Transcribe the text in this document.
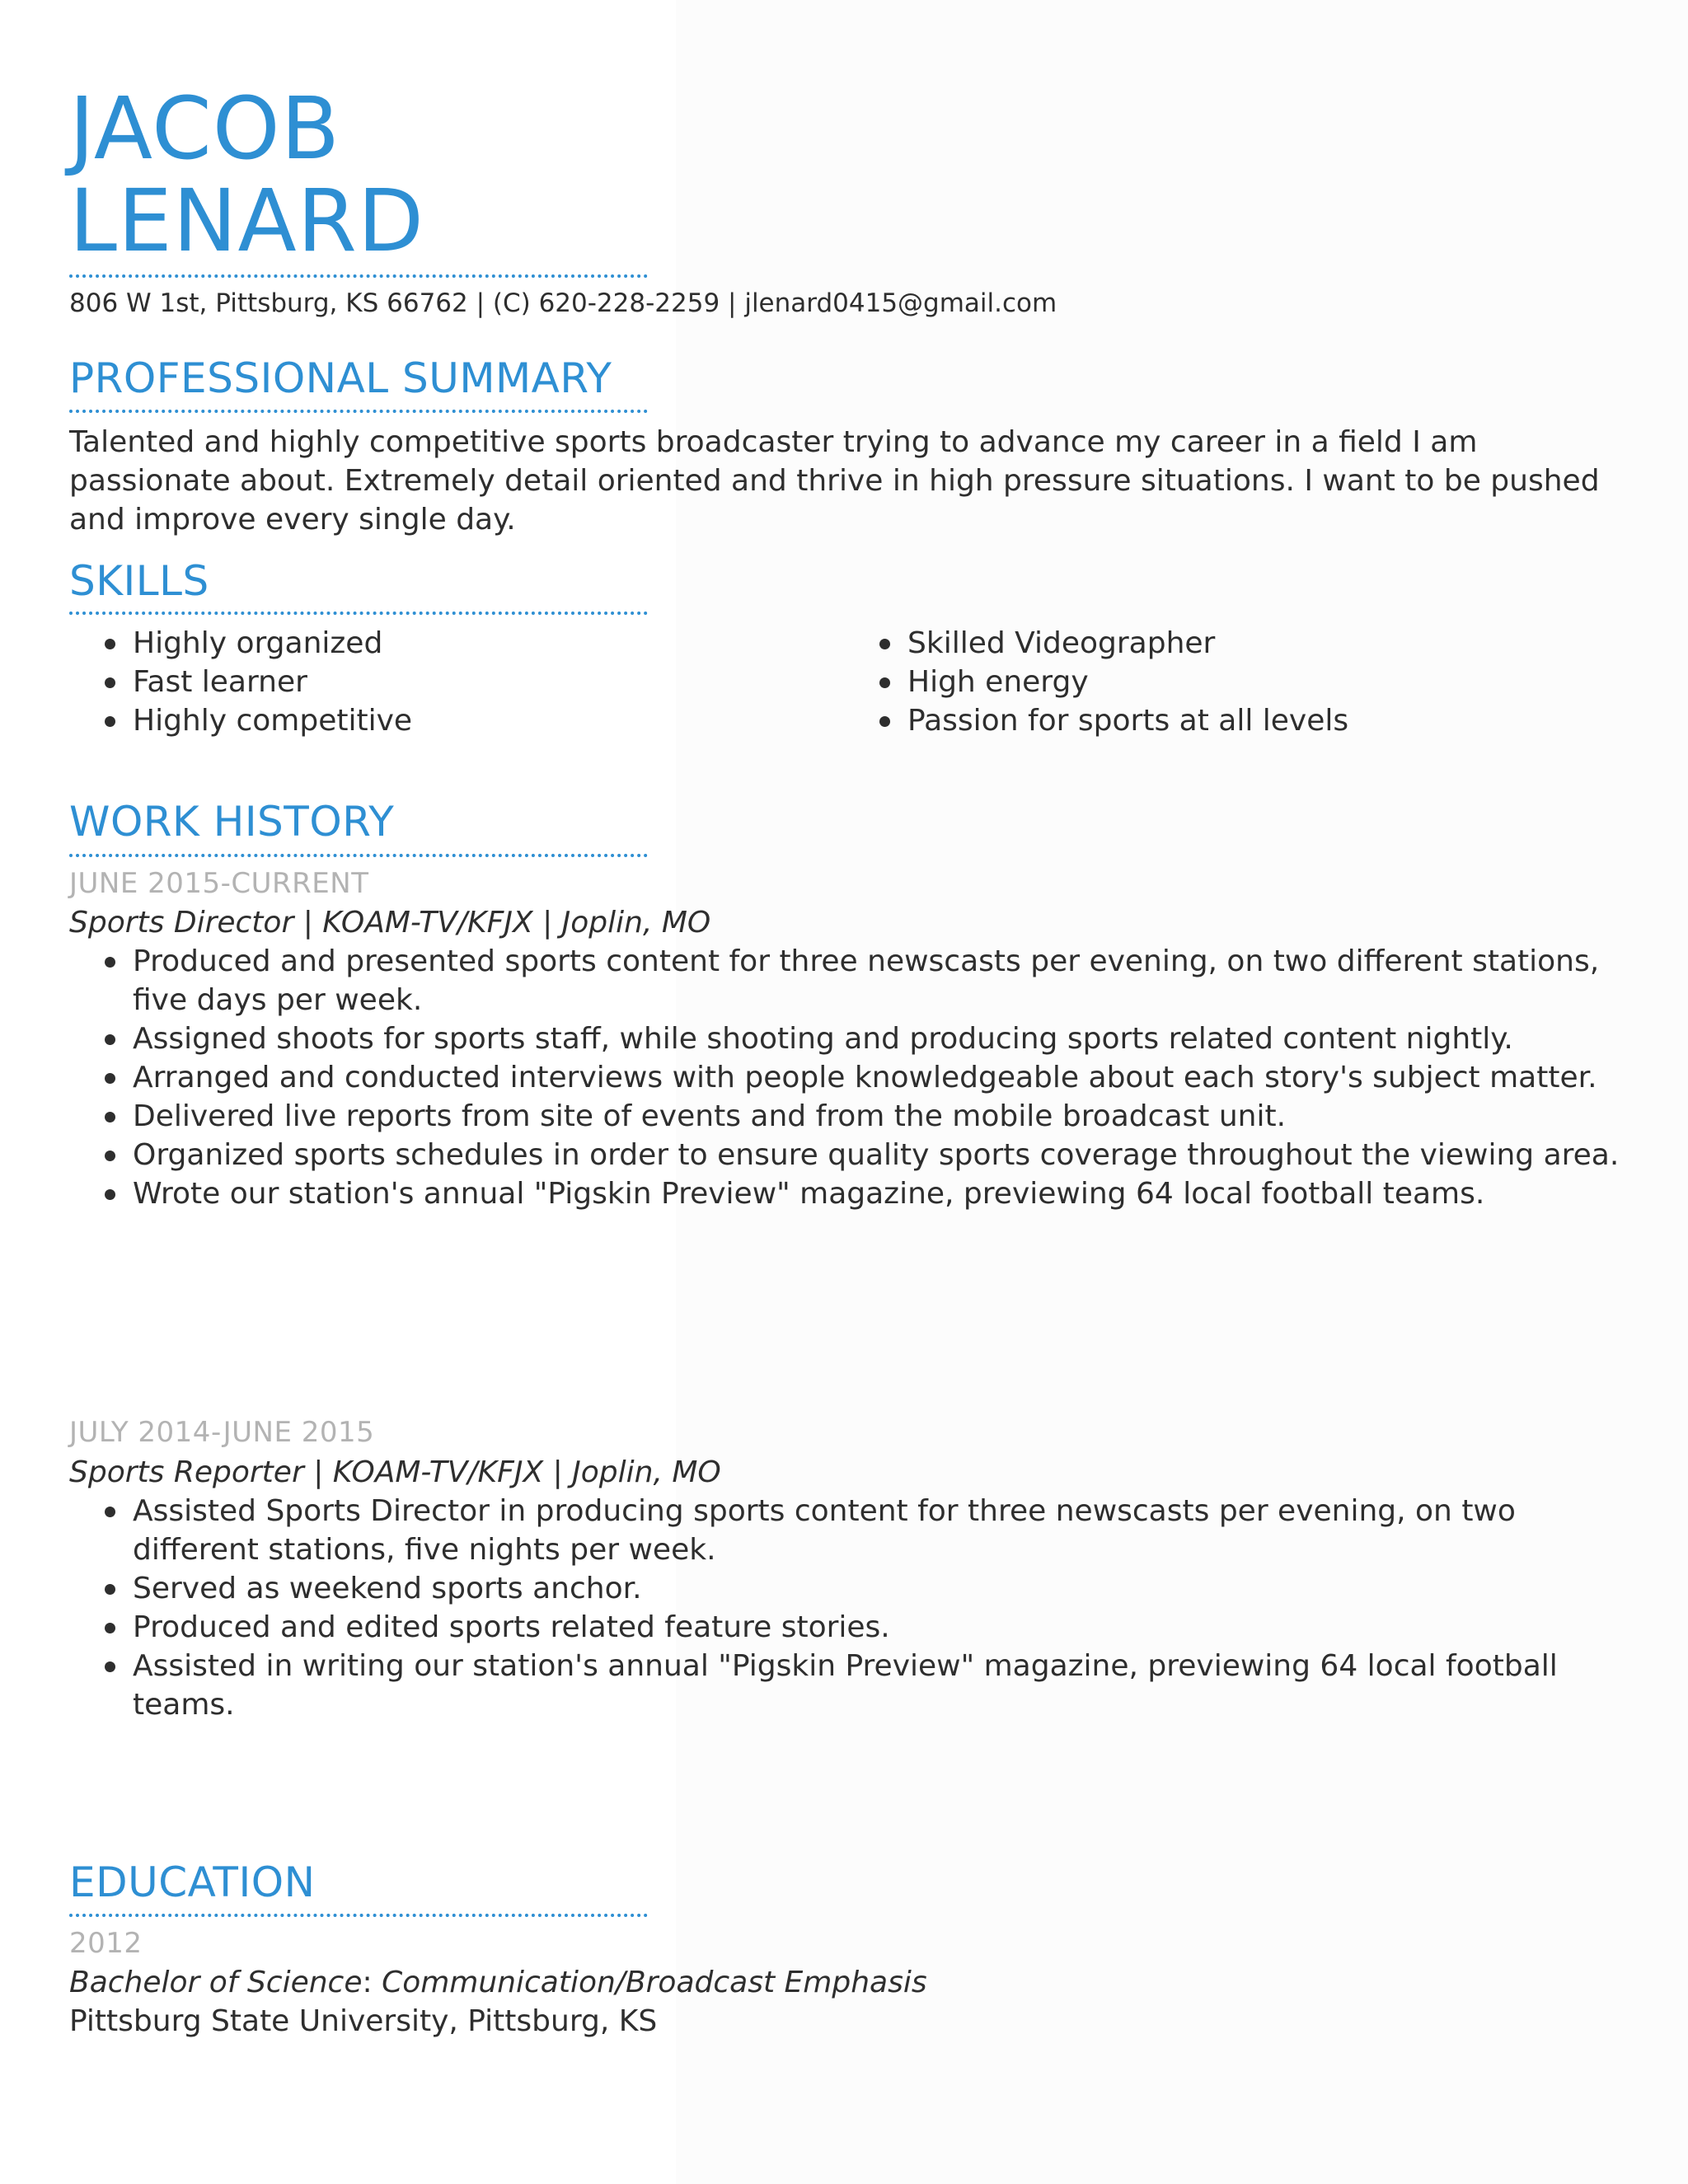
JACOB
LENARD
806 W 1st, Pittsburg, KS 66762 | (C) 620-228-2259 | jlenard0415@gmail.com
PROFESSIONAL SUMMARY

Talented and highly competitive sports broadcaster trying to advance my career in a field I am passionate about. Extremely detail oriented and thrive in high pressure situations. I want to be pushed and improve every single day.

SKILLS
Highly organized
Fast learner
Highly competitive
Skilled Videographer
High energy
Passion for sports at all levels
WORK HISTORY
JUNE 2015-CURRENT
Sports Director | KOAM-TV/KFJX | Joplin, MO
Produced and presented sports content for three newscasts per evening, on two different stations, five days per week.
Assigned shoots for sports staff, while shooting and producing sports related content nightly.
Arranged and conducted interviews with people knowledgeable about each story's subject matter.
Delivered live reports from site of events and from the mobile broadcast unit.
Organized sports schedules in order to ensure quality sports coverage throughout the viewing area.
Wrote our station's annual "Pigskin Preview" magazine, previewing 64 local football teams.
JULY 2014-JUNE 2015
Sports Reporter | KOAM-TV/KFJX | Joplin, MO
Assisted Sports Director in producing sports content for three newscasts per evening, on two different stations, five nights per week.
Served as weekend sports anchor.
Produced and edited sports related feature stories.
Assisted in writing our station's annual "Pigskin Preview" magazine, previewing 64 local football teams.
EDUCATION
2012
Bachelor of Science: Communication/Broadcast Emphasis
Pittsburg State University, Pittsburg, KS
